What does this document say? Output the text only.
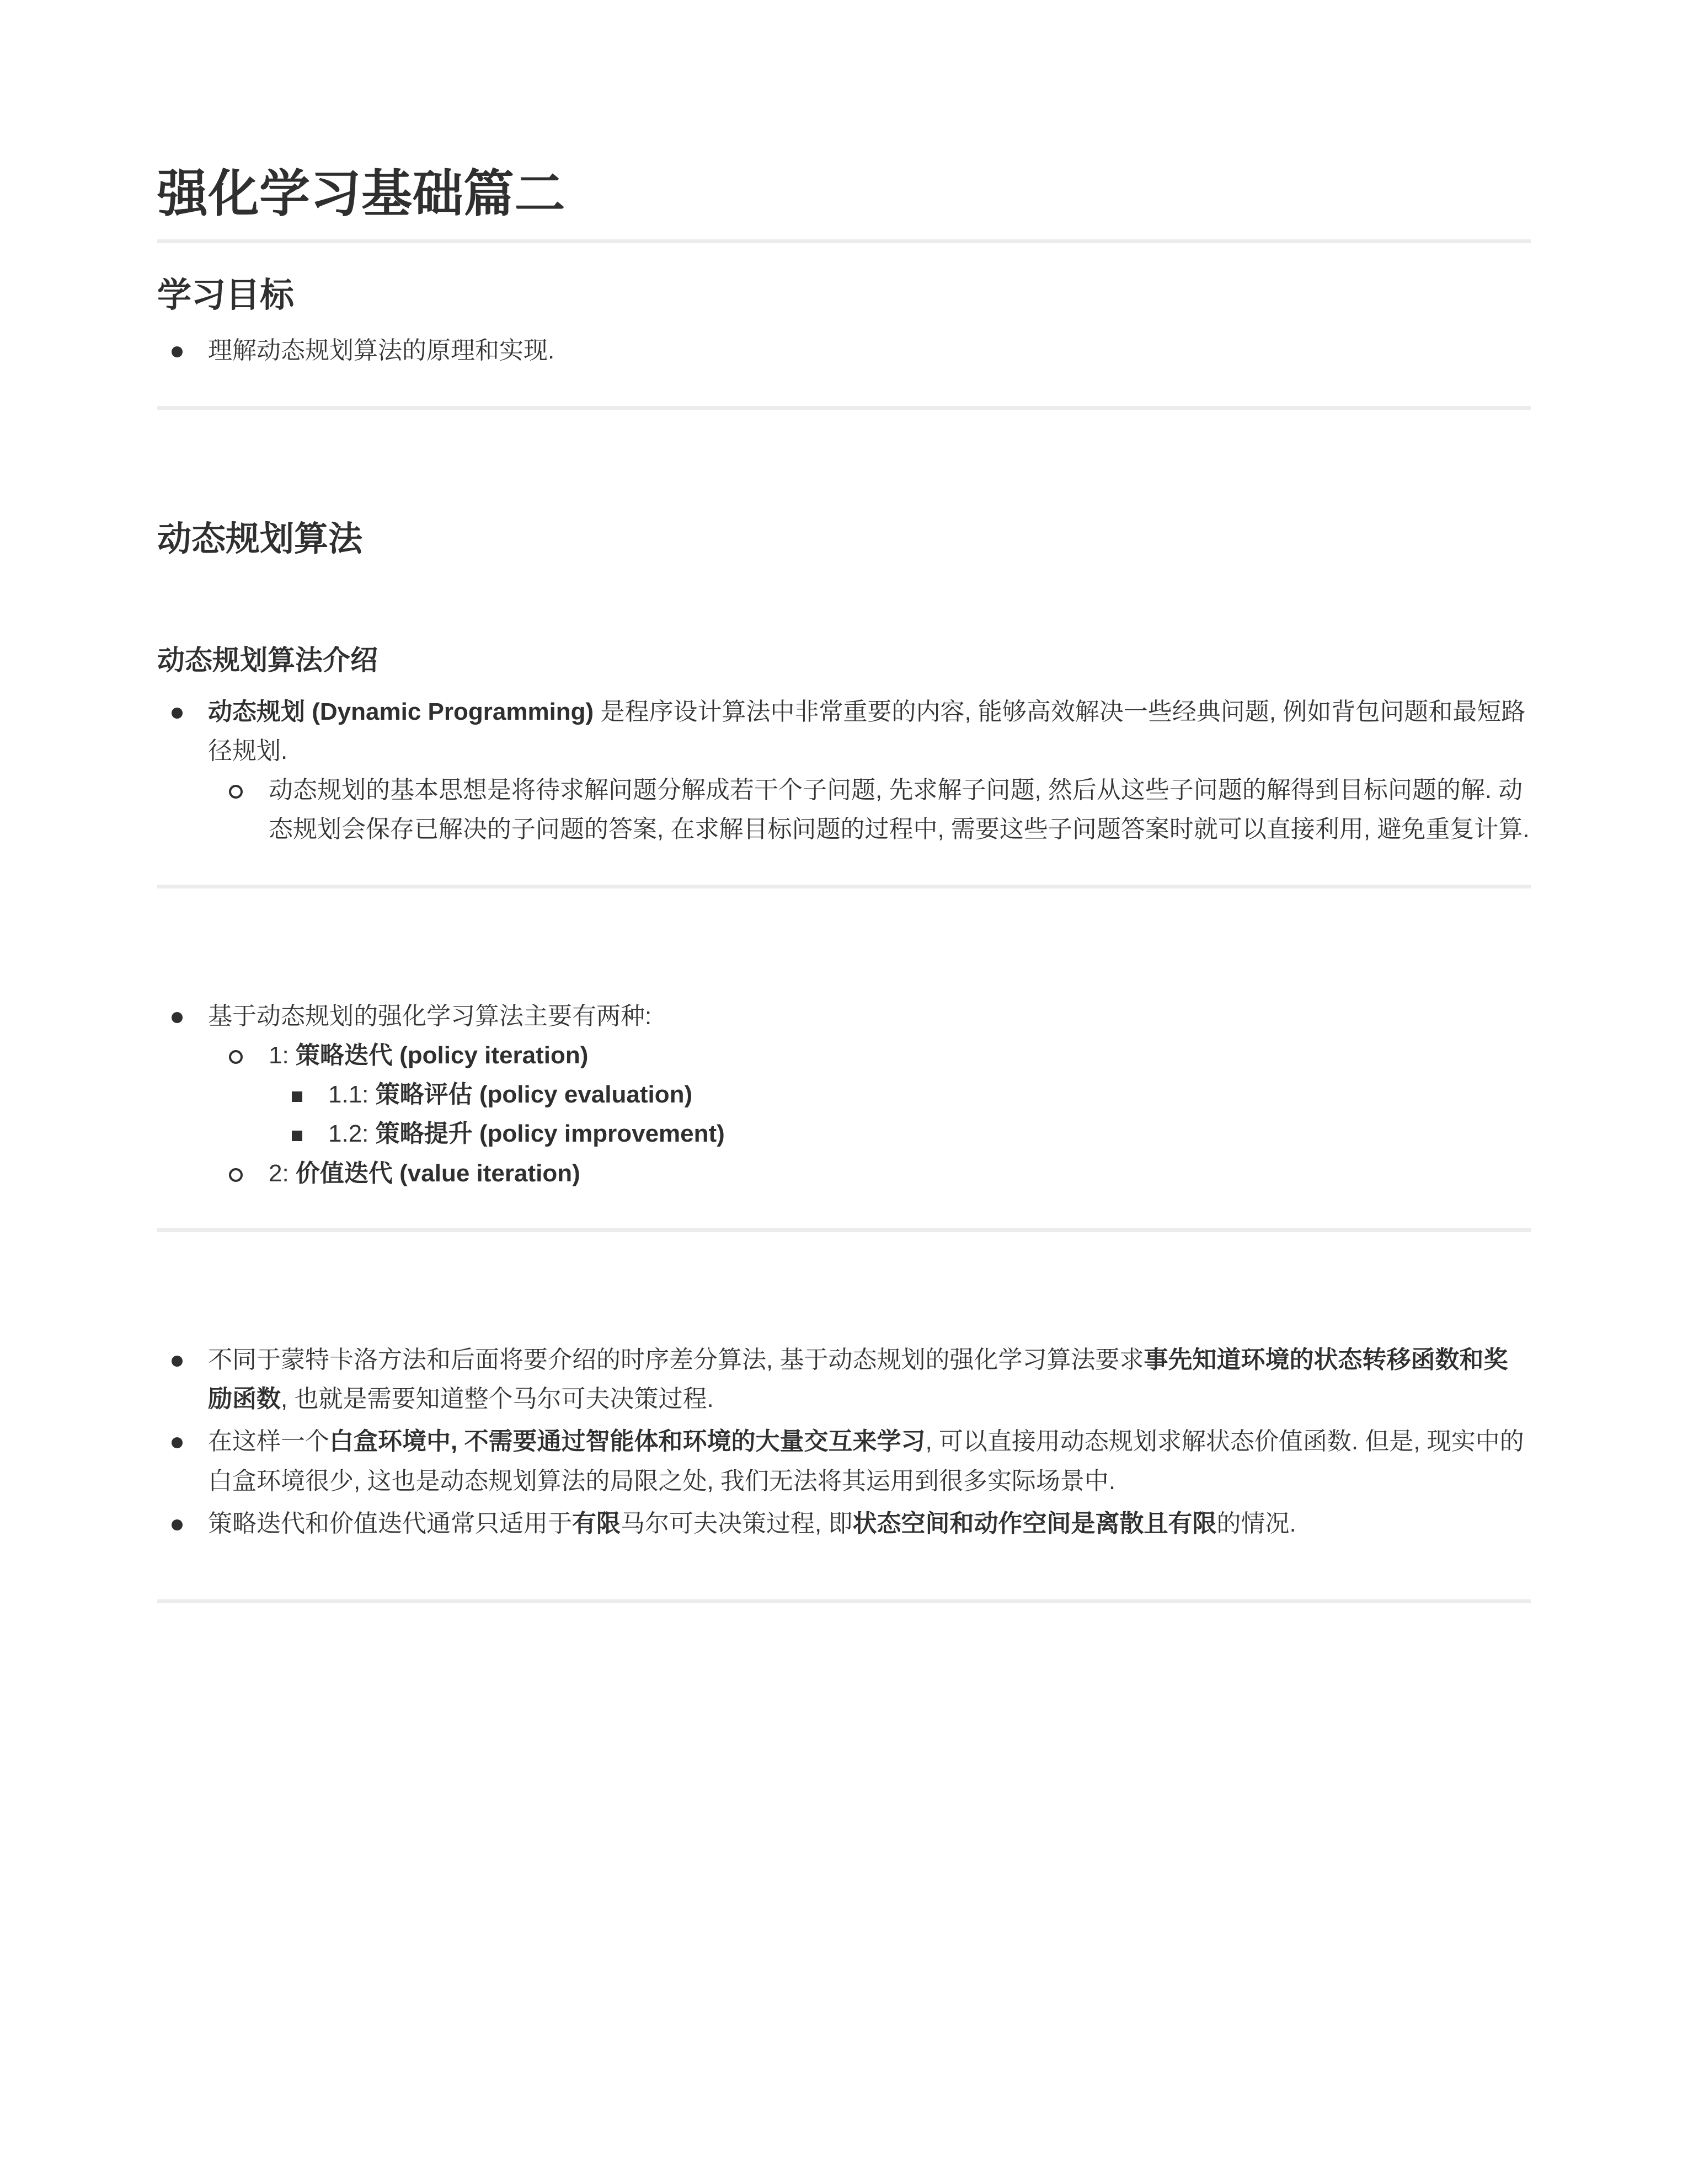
强化学习基础篇二
学习目标
理解动态规划算法的原理和实现.
动态规划算法
动态规划算法介绍
动态规划 (Dynamic Programming) 是程序设计算法中非常重要的内容, 能够高效解决一些经典问题, 例如背包问题和最短路径规划.
动态规划的基本思想是将待求解问题分解成若干个子问题, 先求解子问题, 然后从这些子问题的解得到目标问题的解. 动态规划会保存已解决的子问题的答案, 在求解目标问题的过程中, 需要这些子问题答案时就可以直接利用, 避免重复计算.
基于动态规划的强化学习算法主要有两种:
1: 策略迭代 (policy iteration)
1.1: 策略评估 (policy evaluation)
1.2: 策略提升 (policy improvement)
2: 价值迭代 (value iteration)
不同于蒙特卡洛方法和后面将要介绍的时序差分算法, 基于动态规划的强化学习算法要求事先知道环境的状态转移函数和奖励函数, 也就是需要知道整个马尔可夫决策过程.
在这样一个白盒环境中, 不需要通过智能体和环境的大量交互来学习, 可以直接用动态规划求解状态价值函数. 但是, 现实中的白盒环境很少, 这也是动态规划算法的局限之处, 我们无法将其运用到很多实际场景中.
策略迭代和价值迭代通常只适用于有限马尔可夫决策过程, 即状态空间和动作空间是离散且有限的情况.
